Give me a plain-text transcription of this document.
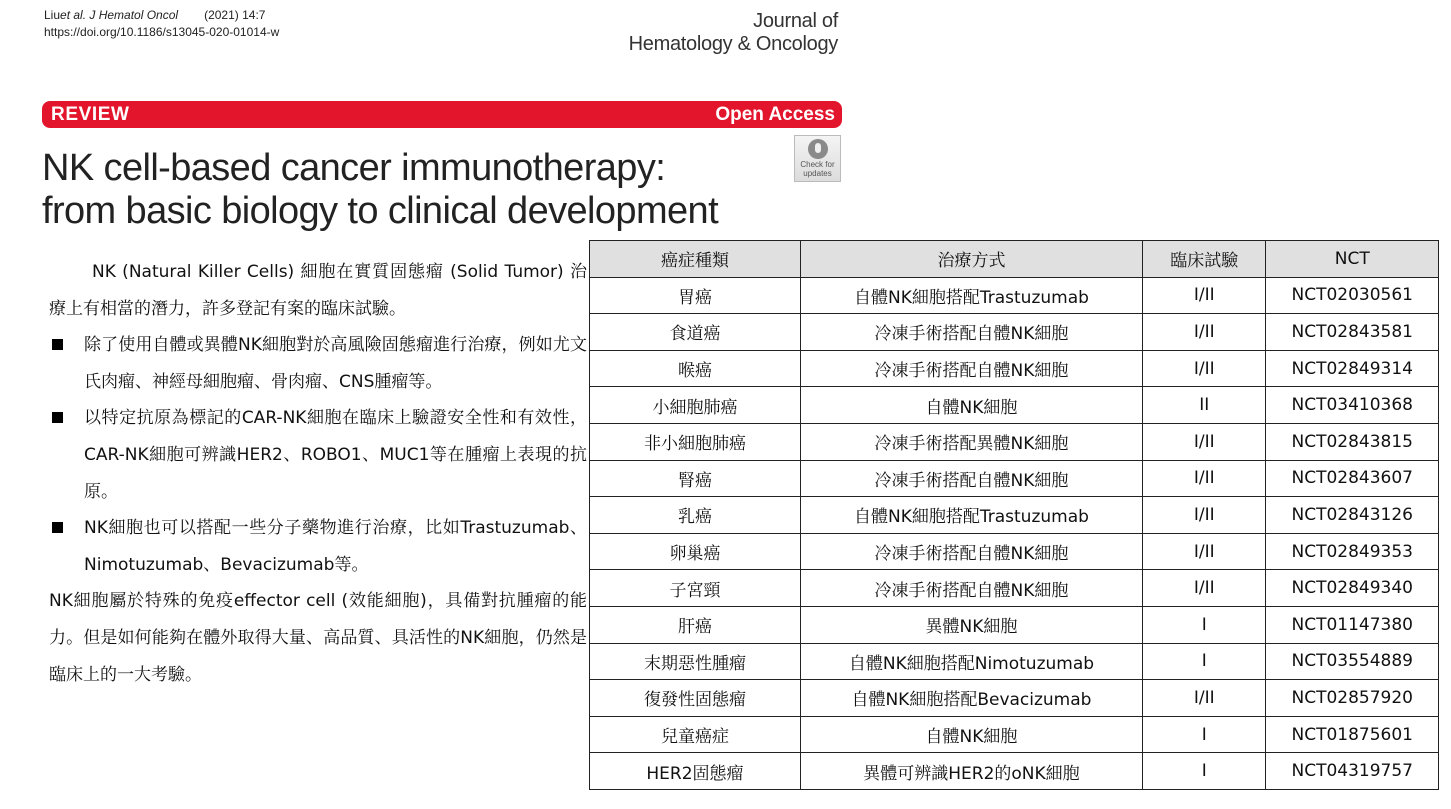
Liuet al. J Hematol Oncol (2021) 14:7
https://doi.org/10.1186/s13045-020-01014-w	Journal of
Hematology & Oncology
REVIEW	Open Access
NK cell-based cancer immunotherapy:
from basic biology to clinical development
Check for
updates

NK (Natural Killer Cells) 細胞在實質固態瘤 (Solid Tumor) 治療上有相當的潛力，許多登記有案的臨床試驗。

除了使用自體或異體NK細胞對於高風險固態瘤進行治療，例如尤文氏肉瘤、神經母細胞瘤、骨肉瘤、CNS腫瘤等。

以特定抗原為標記的CAR-NK細胞在臨床上驗證安全性和有效性，CAR-NK細胞可辨識HER2、ROBO1、MUC1等在腫瘤上表現的抗原。

NK細胞也可以搭配一些分子藥物進行治療，比如Trastuzumab、Nimotuzumab、Bevacizumab等。

NK細胞屬於特殊的免疫effector cell (效能細胞)，具備對抗腫瘤的能力。但是如何能夠在體外取得大量、高品質、具活性的NK細胞，仍然是臨床上的一大考驗。

癌症種類	治療方式	臨床試驗	NCT
胃癌	自體NK細胞搭配Trastuzumab	I/II	NCT02030561
食道癌	冷凍手術搭配自體NK細胞	I/II	NCT02843581
喉癌	冷凍手術搭配自體NK細胞	I/II	NCT02849314
小細胞肺癌	自體NK細胞	II	NCT03410368
非小細胞肺癌	冷凍手術搭配異體NK細胞	I/II	NCT02843815
腎癌	冷凍手術搭配自體NK細胞	I/II	NCT02843607
乳癌	自體NK細胞搭配Trastuzumab	I/II	NCT02843126
卵巢癌	冷凍手術搭配自體NK細胞	I/II	NCT02849353
子宮頸	冷凍手術搭配自體NK細胞	I/II	NCT02849340
肝癌	異體NK細胞	I	NCT01147380
末期惡性腫瘤	自體NK細胞搭配Nimotuzumab	I	NCT03554889
復發性固態瘤	自體NK細胞搭配Bevacizumab	I/II	NCT02857920
兒童癌症	自體NK細胞	I	NCT01875601
HER2固態瘤	異體可辨識HER2的oNK細胞	I	NCT04319757
